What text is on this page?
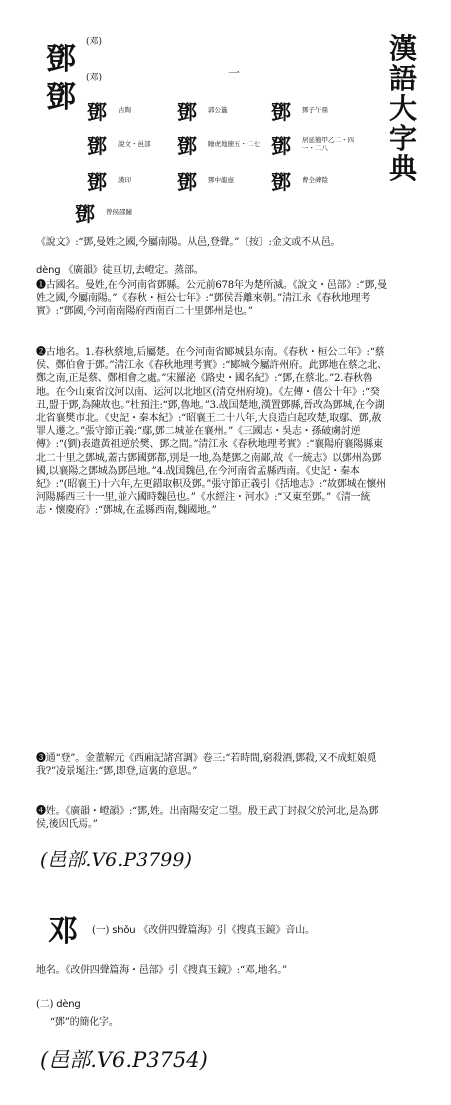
漢
語
大
字
典
鄧 (邓)
一
鄧
(邓)
鄧	古陶 鄧	郭公簋 鄧	鄧子午鼎
鄧	說文・邑部 鄧	睡虎地簡五・二七 鄧	居延簡甲乙二・四一・二八
鄧	漢印 鄧	鄧中龍壺 鄧	曹全碑陰
鄧	曾侯邵鐘
《說文》:“鄧,曼姓之國,今屬南陽。从邑,登聲。”〔按〕:金文或不从邑。
dèng 《廣韻》徒亘切,去嶝定。蒸部。
❶古國名。曼姓,在今河南省鄧縣。公元前678年为楚所滅。《說文・邑部》:“鄧,曼姓之國,今屬南陽。”《春秋・桓公七年》:“鄧侯吾離來朝。”清江永《春秋地理考實》:“鄧國,今河南南陽府西南百二十里鄧州是也。”
❷古地名。1.春秋蔡地,后屬楚。在今河南省郾城县东南。《春秋・桓公二年》:“蔡侯、鄭伯會于鄧。”清江永《春秋地理考實》:“郾城今屬許州府。此鄧地在蔡之北、鄭之南,正是蔡、鄭相會之處。”宋羅泌《路史・國名紀》:“鄧,在蔡北。”2.春秋魯地。在今山東省汶河以南、运河以北地区(清兗州府境)。《左傳・僖公十年》:“癸丑,盟于鄧,為陳故也。”杜預注:“鄧,魯地。”3.战国楚地,漢置鄧縣,晉改為鄧城,在今湖北省襄樊市北。《史記・秦本紀》:“昭襄王二十八年,大良造白起攻楚,取鄢、鄧,赦罪人遷之。”張守節正義:“鄢,鄧二城並在襄州。”《三國志・吳志・孫破虜討逆傳》:“(劉)表遣黃祖逆於樊、鄧之間。”清江永《春秋地理考實》:“襄陽府襄陽縣東北二十里之鄧城,蓋古鄧國鄧都,別是一地,為楚鄧之南鄙,故《一統志》以鄧州為鄧國,以襄陽之鄧城為鄧邑地。”4.战国魏邑,在今河南省孟縣西南。《史記・秦本紀》:“(昭襄王)十六年,左更錯取軹及鄧。”張守節正義引《括地志》:“故鄧城在懷州河陽縣西三十一里,並六國時魏邑也。”《水經注・河水》:“又東至鄧。”《清一統志・懷慶府》:“鄧城,在孟縣西南,魏國地。”
❸通“登”。金董解元《西廂記諸宮調》卷三:“若時間,窮殺酒,鄧殺,又不成虹娘覓我?”凌景埏注:“鄧,即登,這裏的意思。”
❹姓。《廣韻・嶝韻》:“鄧,姓。出南陽安定二望。殷王武丁封叔父於河北,是為鄧侯,後因氏焉。”
(邑部.V6.P3799)
邓 (一) shǒu 《改併四聲篇海》引《搜真玉鏡》音山。
地名。《改併四聲篇海・邑部》引《搜真玉鏡》:“邓,地名。”
(二) dèng
“鄧”的簡化字。
(邑部.V6.P3754)
